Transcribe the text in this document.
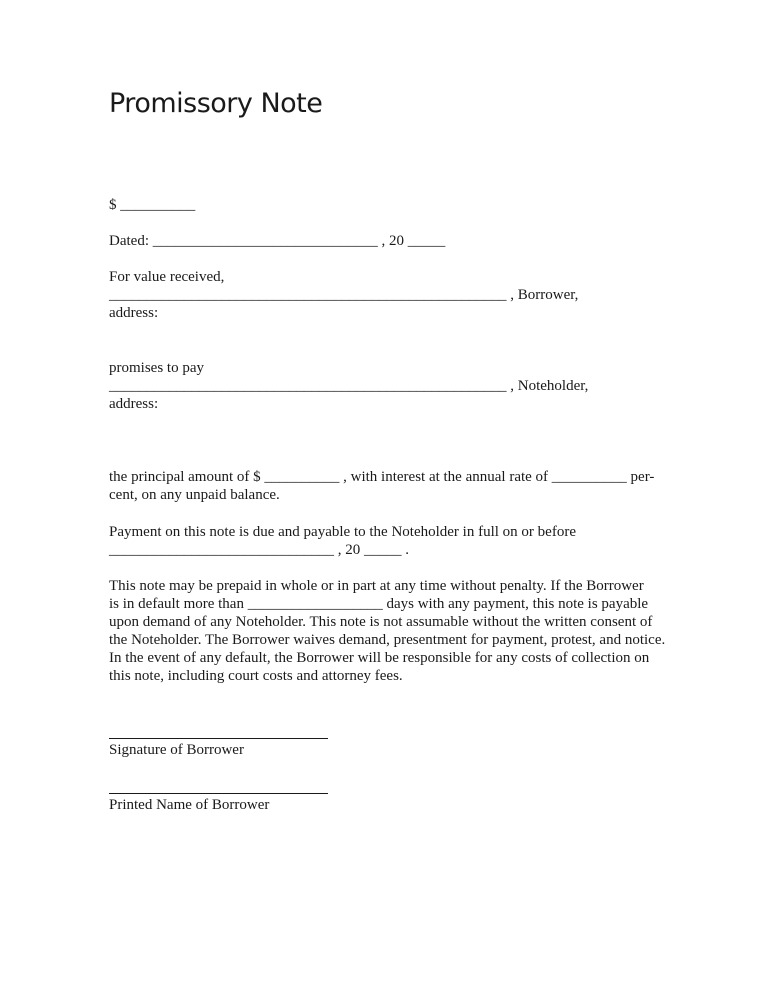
Promissory Note
$ __________
Dated: ______________________________ , 20 _____
For value received,
_____________________________________________________ , Borrower,
address:
promises to pay
_____________________________________________________ , Noteholder,
address:
the principal amount of $ __________ , with interest at the annual rate of __________ per-
cent, on any unpaid balance.
Payment on this note is due and payable to the Noteholder in full on or before
______________________________ , 20 _____ .
This note may be prepaid in whole or in part at any time without penalty. If the Borrower
is in default more than __________________ days with any payment, this note is payable
upon demand of any Noteholder. This note is not assumable without the written consent of
the Noteholder. The Borrower waives demand, presentment for payment, protest, and notice.
In the event of any default, the Borrower will be responsible for any costs of collection on
this note, including court costs and attorney fees.
Signature of Borrower
Printed Name of Borrower
